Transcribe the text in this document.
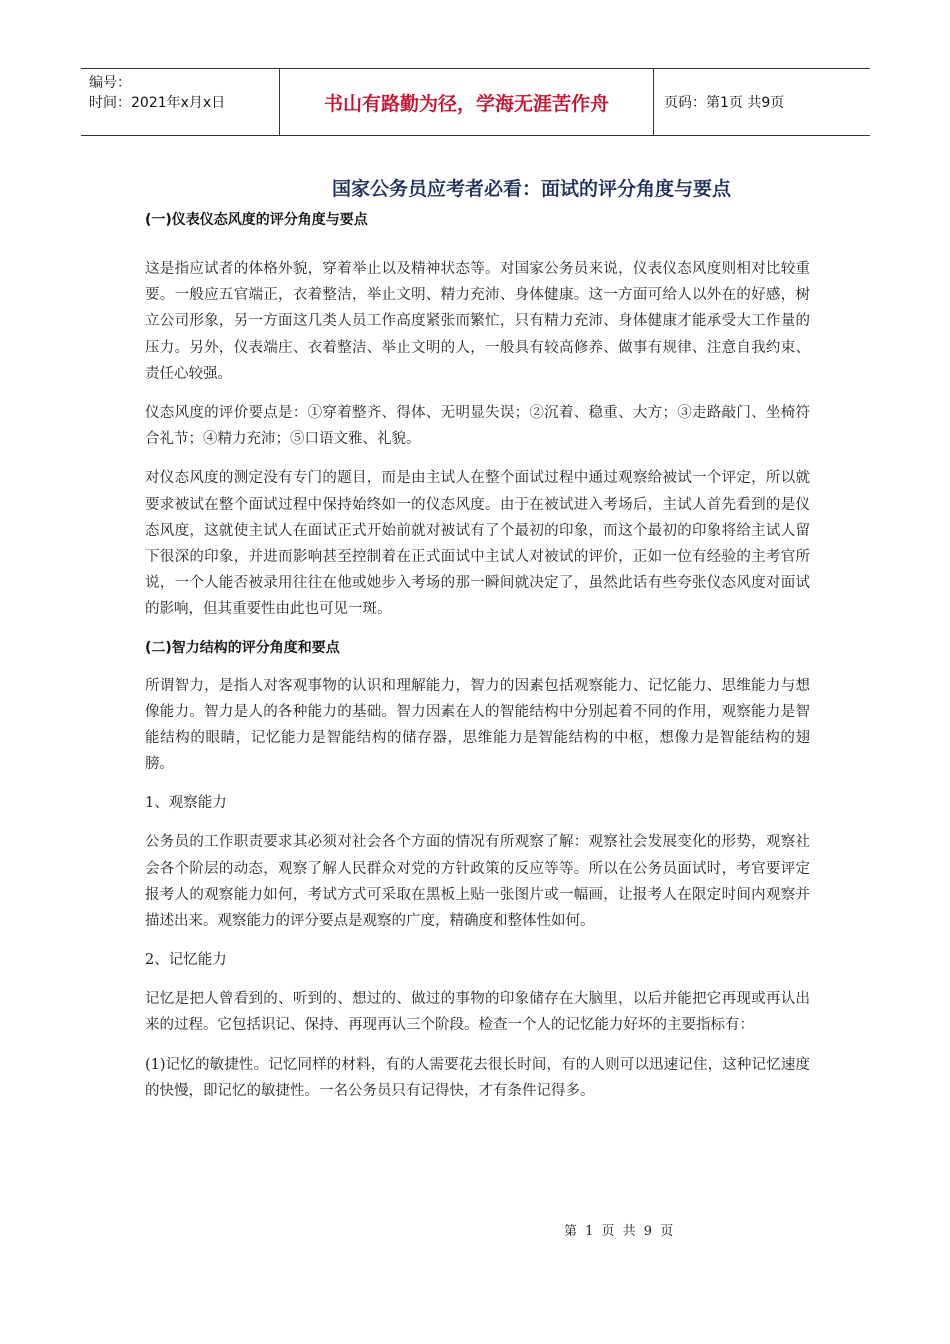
编号：
时间：2021年x月x日	书山有路勤为径，学海无涯苦作舟	页码：第1页 共9页
国家公务员应考者必看：面试的评分角度与要点

(一)仪表仪态风度的评分角度与要点

这是指应试者的体格外貌，穿着举止以及精神状态等。对国家公务员来说，仪表仪态风度则相对比较重要。一般应五官端正，衣着整洁，举止文明、精力充沛、身体健康。这一方面可给人以外在的好感，树立公司形象，另一方面这几类人员工作高度紧张而繁忙，只有精力充沛、身体健康才能承受大工作量的压力。另外，仪表端庄、衣着整洁、举止文明的人，一般具有较高修养、做事有规律、注意自我约束、责任心较强。

仪态风度的评价要点是：①穿着整齐、得体、无明显失误；②沉着、稳重、大方；③走路敲门、坐椅符合礼节；④精力充沛；⑤口语文雅、礼貌。

对仪态风度的测定没有专门的题目，而是由主试人在整个面试过程中通过观察给被试一个评定，所以就要求被试在整个面试过程中保持始终如一的仪态风度。由于在被试进入考场后，主试人首先看到的是仪态风度，这就使主试人在面试正式开始前就对被试有了个最初的印象，而这个最初的印象将给主试人留下很深的印象，并进而影响甚至控制着在正式面试中主试人对被试的评价，正如一位有经验的主考官所说，一个人能否被录用往往在他或她步入考场的那一瞬间就决定了，虽然此话有些夸张仪态风度对面试的影响，但其重要性由此也可见一斑。

(二)智力结构的评分角度和要点

所谓智力，是指人对客观事物的认识和理解能力，智力的因素包括观察能力、记忆能力、思维能力与想像能力。智力是人的各种能力的基础。智力因素在人的智能结构中分别起着不同的作用，观察能力是智能结构的眼睛，记忆能力是智能结构的储存器，思维能力是智能结构的中枢，想像力是智能结构的翅膀。

1、观察能力

公务员的工作职责要求其必须对社会各个方面的情况有所观察了解：观察社会发展变化的形势，观察社会各个阶层的动态，观察了解人民群众对党的方针政策的反应等等。所以在公务员面试时，考官要评定报考人的观察能力如何，考试方式可采取在黑板上贴一张图片或一幅画，让报考人在限定时间内观察并描述出来。观察能力的评分要点是观察的广度，精确度和整体性如何。

2、记忆能力

记忆是把人曾看到的、听到的、想过的、做过的事物的印象储存在大脑里，以后并能把它再现或再认出来的过程。它包括识记、保持、再现再认三个阶段。检查一个人的记忆能力好坏的主要指标有：

(1)记忆的敏捷性。记忆同样的材料，有的人需要花去很长时间，有的人则可以迅速记住，这种记忆速度的快慢，即记忆的敏捷性。一名公务员只有记得快，才有条件记得多。

第 1 页 共 9 页
